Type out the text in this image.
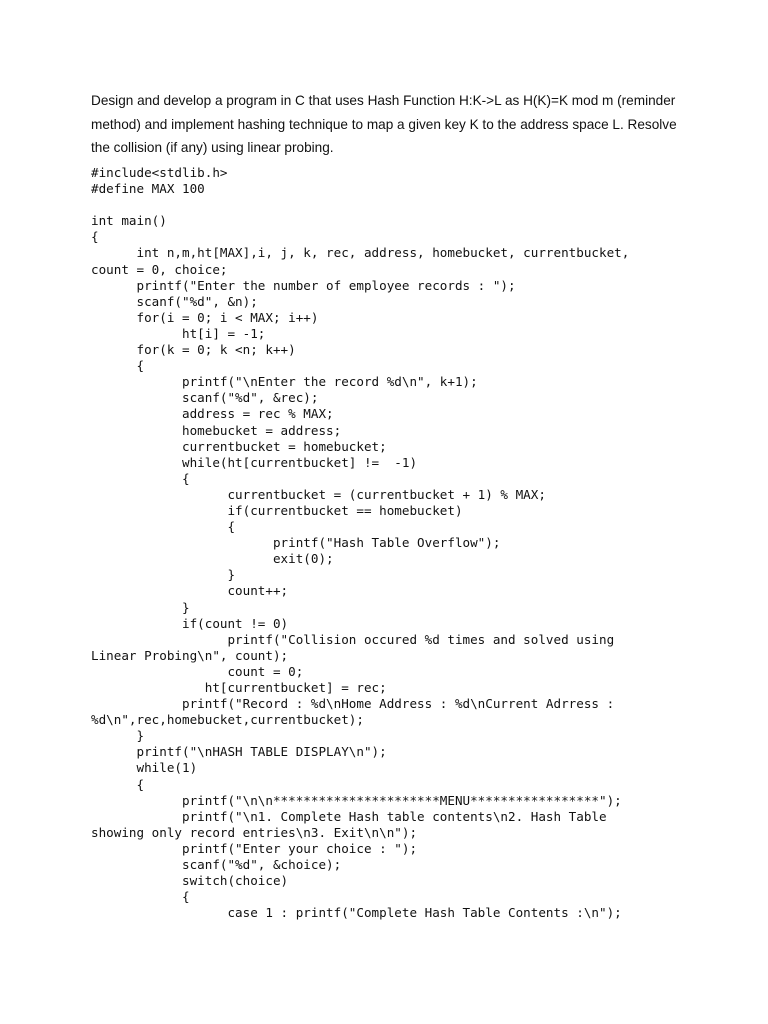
Design and develop a program in C that uses Hash Function H:K->L as H(K)=K mod m (reminder method) and implement hashing technique to map a given key K to the address space L. Resolve the collision (if any) using linear probing.

#include<stdlib.h>
#define MAX 100
int main()
{
int n,m,ht[MAX],i, j, k, rec, address, homebucket, currentbucket,
count = 0, choice;
printf("Enter the number of employee records : ");
scanf("%d", &n);
for(i = 0; i < MAX; i++)
ht[i] = -1;
for(k = 0; k <n; k++)
{
printf("\nEnter the record %d\n", k+1);
scanf("%d", &rec);
address = rec % MAX;
homebucket = address;
currentbucket = homebucket;
while(ht[currentbucket] !=  -1)
{
currentbucket = (currentbucket + 1) % MAX;
if(currentbucket == homebucket)
{
printf("Hash Table Overflow");
exit(0);
}
count++;
}
if(count != 0)
printf("Collision occured %d times and solved using
Linear Probing\n", count);
count = 0;
ht[currentbucket] = rec;
printf("Record : %d\nHome Address : %d\nCurrent Adrress :
%d\n",rec,homebucket,currentbucket);
}
printf("\nHASH TABLE DISPLAY\n");
while(1)
{
printf("\n\n**********************MENU*****************");
printf("\n1. Complete Hash table contents\n2. Hash Table
showing only record entries\n3. Exit\n\n");
printf("Enter your choice : ");
scanf("%d", &choice);
switch(choice)
{
case 1 : printf("Complete Hash Table Contents :\n");
